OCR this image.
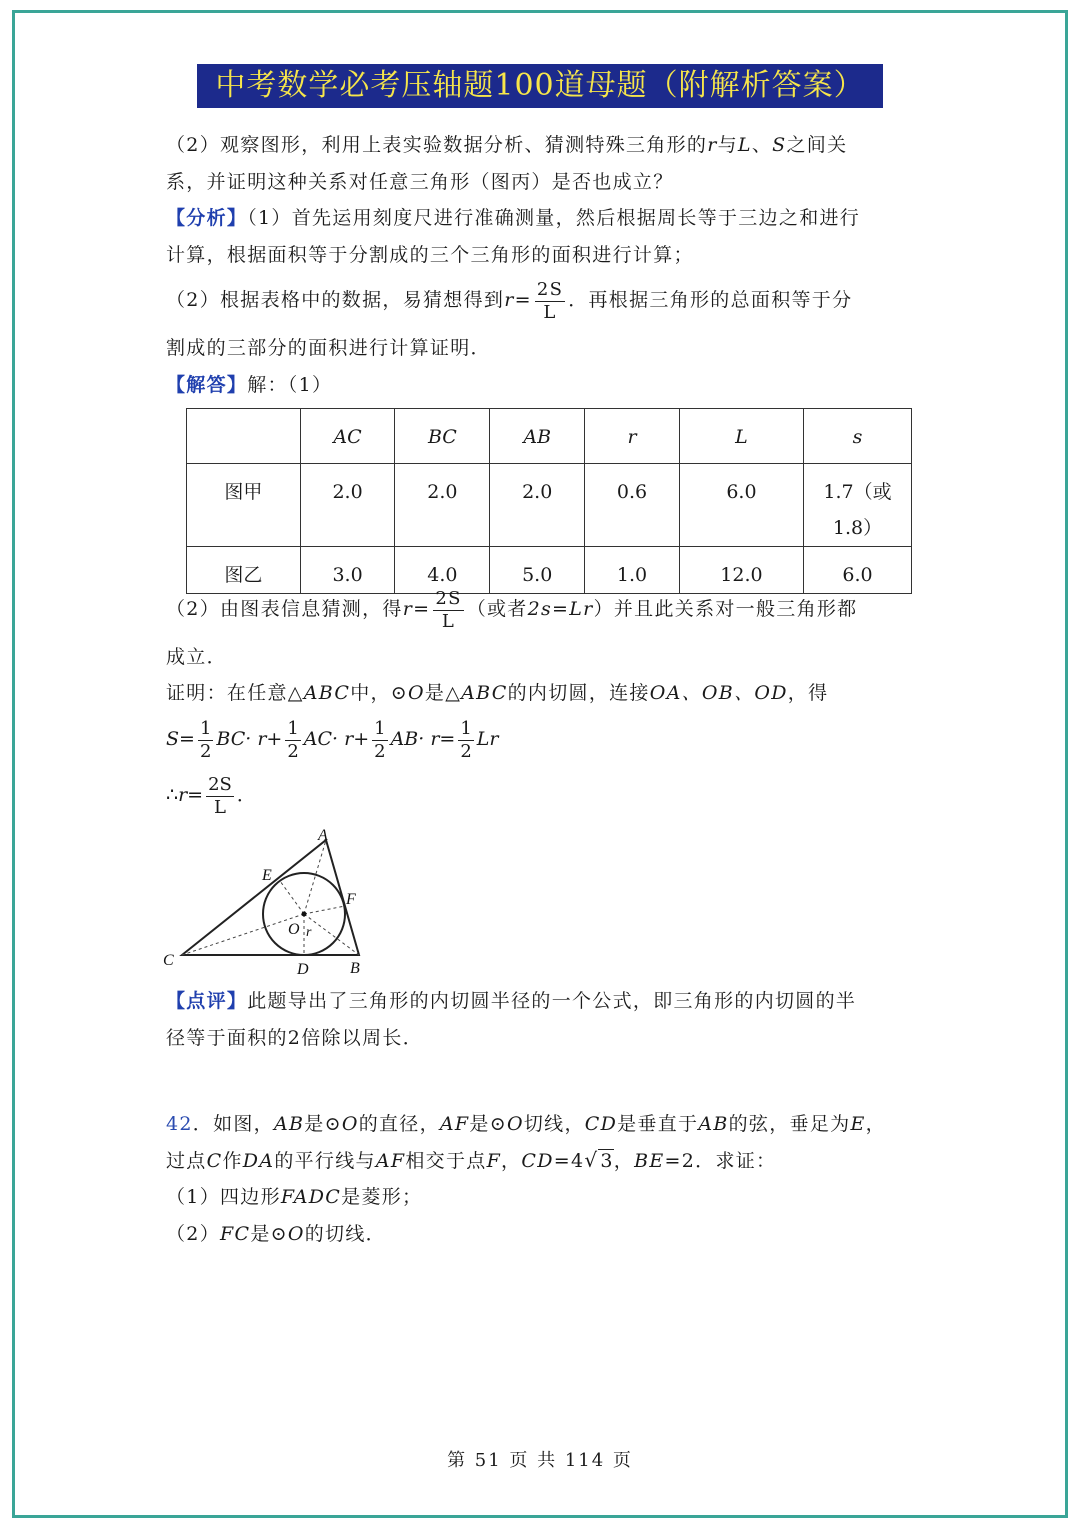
中考数学必考压轴题100道母题（附解析答案）
（2）观察图形，利用上表实验数据分析、猜测特殊三角形的r与L、S之间关
系，并证明这种关系对任意三角形（图丙）是否也成立？
【分析】（1）首先运用刻度尺进行准确测量，然后根据周长等于三边之和进行
计算，根据面积等于分割成的三个三角形的面积进行计算；
（2）根据表格中的数据，易猜想得到$r= \frac{2S}{L}$ ．再根据三角形的总面积等于分
割成的三部分的面积进行计算证明．
【解答】解：（1）
	AC	BC	AB	r	L	s
图甲	2.0	2.0	2.0	0.6	6.0	1.7（或1.8）
图乙	3.0	4.0	5.0	1.0	12.0	6.0
（2）由图表信息猜测，得$r= \frac{2S}{L}$ （或者2s=Lr）并且此关系对一般三角形都
成立．
证明：在任意△ABC中，⊙O是△ABC的内切圆，连接OA、OB、OD，得
$S= \frac{1}{2} BC\cdot r+ \frac{1}{2} AC\cdot r+ \frac{1}{2} AB\cdot r= \frac{1}{2}$ Lr
∴r= $\frac{2S}{L}$ ．
A
E
F
O r
C
D	B
【点评】此题导出了三角形的内切圆半径的一个公式，即三角形的内切圆的半
径等于面积的2倍除以周长．
42．如图，AB是⊙O的直径，AF是⊙O切线，CD是垂直于AB的弦，垂足为E，
过点C作DA的平行线与AF相交于点F，CD=4√ 3，BE=2．求证：
（1）四边形FADC是菱形；
（2）FC是⊙O的切线．
第 51 页 共 114 页
